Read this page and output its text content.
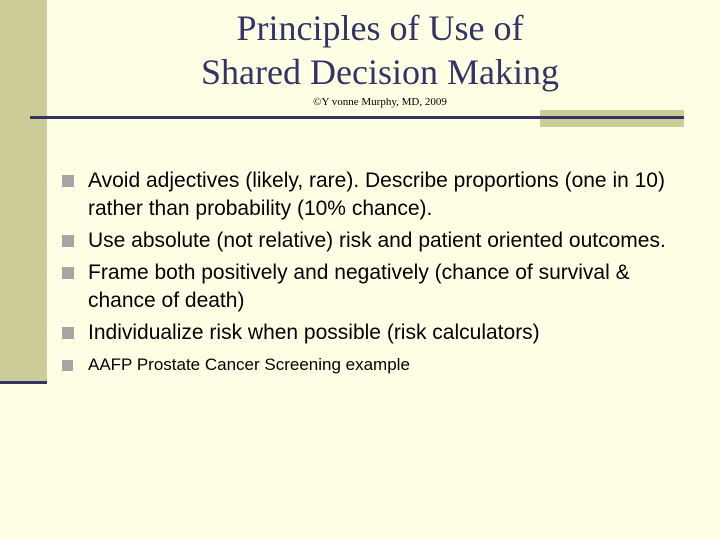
Principles of Use of
Shared Decision Making
©Y vonne Murphy, MD, 2009
Avoid adjectives (likely, rare). Describe proportions (one in 10) rather than probability (10% chance).
Use absolute (not relative) risk and patient oriented outcomes.
Frame both positively and negatively (chance of survival & chance of death)
Individualize risk when possible (risk calculators)
AAFP Prostate Cancer Screening example
